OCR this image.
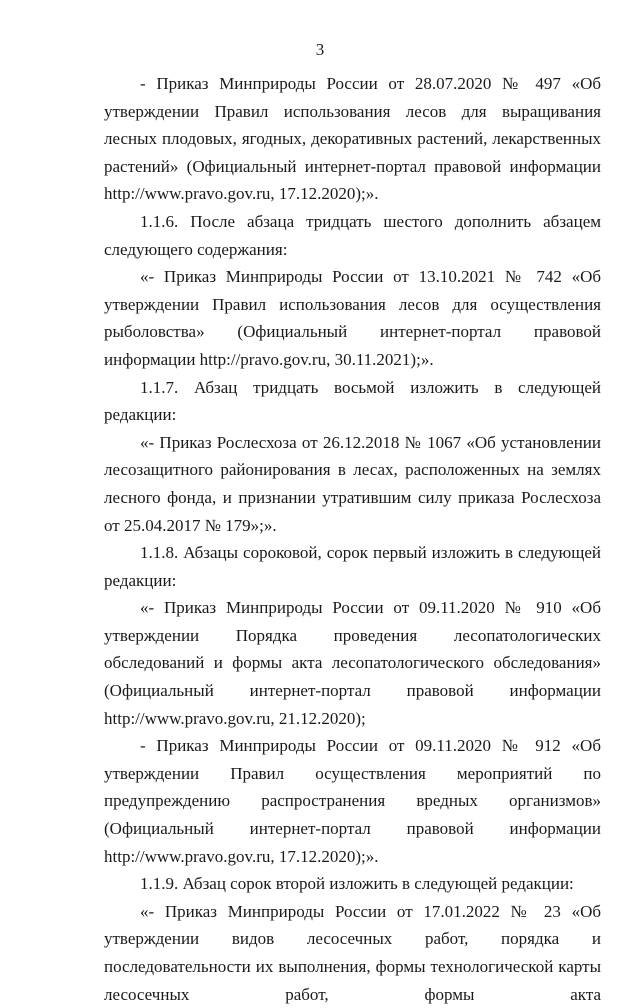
3

- Приказ Минприроды России от 28.07.2020 № 497 «Об утверждении Правил использования лесов для выращивания лесных плодовых, ягодных, декоративных растений, лекарственных растений» (Официальный интернет-портал правовой информации http://www.pravo.gov.ru, 17.12.2020);».

1.1.6. После абзаца тридцать шестого дополнить абзацем следующего содержания:

«- Приказ Минприроды России от 13.10.2021 № 742 «Об утверждении Правил использования лесов для осуществления рыболовства» (Официальный интернет-портал правовой информации http://pravo.gov.ru, 30.11.2021);».

1.1.7. Абзац тридцать восьмой изложить в следующей редакции:

«- Приказ Рослесхоза от 26.12.2018 № 1067 «Об установлении лесозащитного районирования в лесах, расположенных на землях лесного фонда, и признании утратившим силу приказа Рослесхоза от 25.04.2017 № 179»;».

1.1.8. Абзацы сороковой, сорок первый изложить в следующей редакции:

«- Приказ Минприроды России от 09.11.2020 № 910 «Об утверждении Порядка проведения лесопатологических обследований и формы акта лесопатологического обследования» (Официальный интернет-портал правовой информации http://www.pravo.gov.ru, 21.12.2020);

- Приказ Минприроды России от 09.11.2020 № 912 «Об утверждении Правил осуществления мероприятий по предупреждению распространения вредных организмов» (Официальный интернет-портал правовой информации http://www.pravo.gov.ru, 17.12.2020);».

1.1.9. Абзац сорок второй изложить в следующей редакции:

«- Приказ Минприроды России от 17.01.2022 № 23 «Об утверждении видов лесосечных работ, порядка и последовательности их выполнения, формы технологической карты лесосечных работ, формы акта
